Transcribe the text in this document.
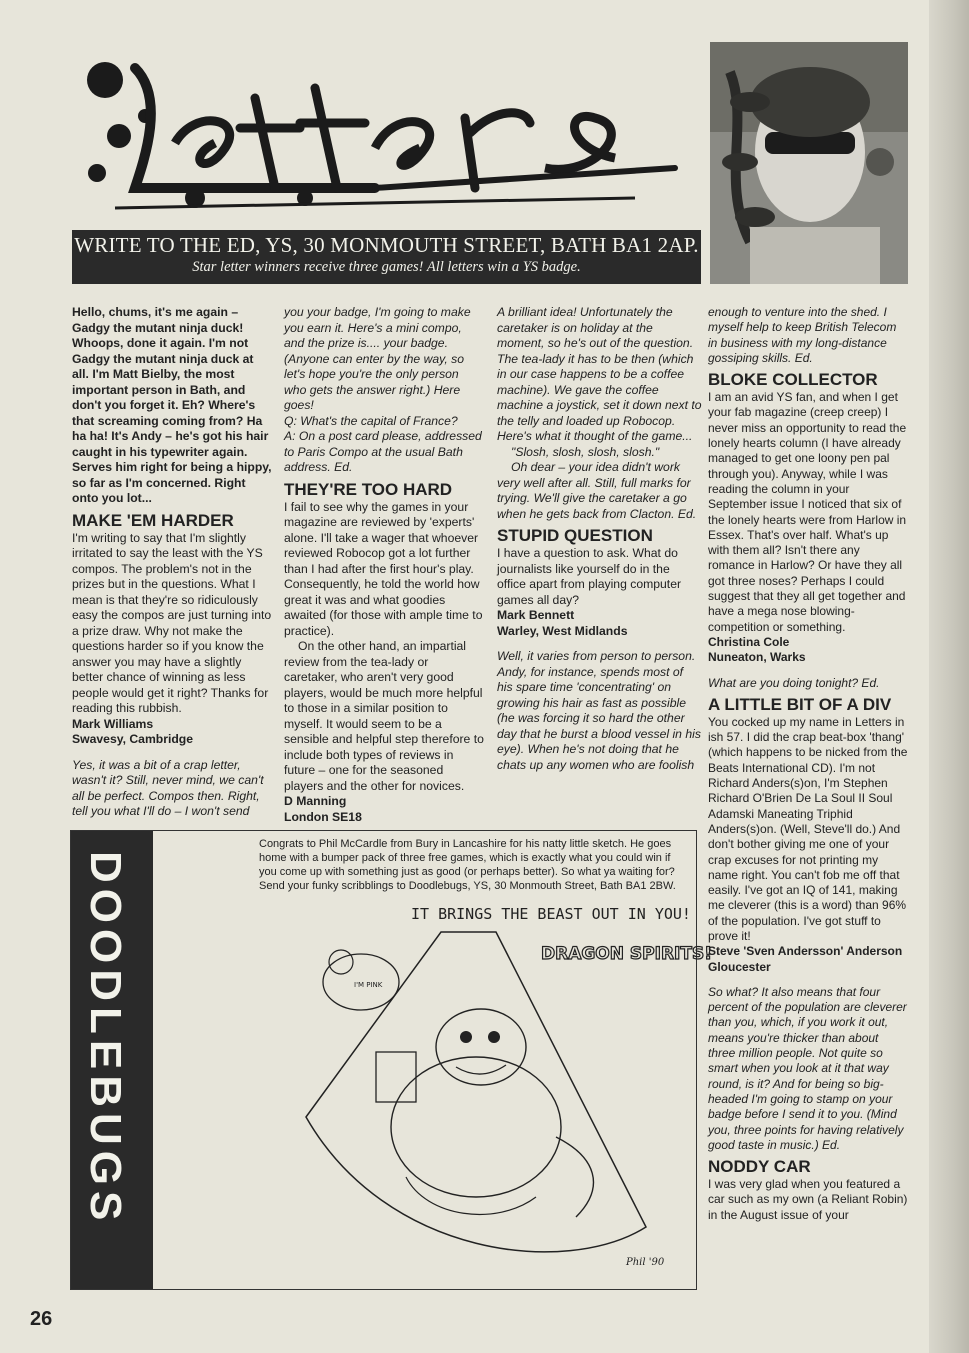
WRITE TO THE ED, YS, 30 MONMOUTH STREET, BATH BA1 2AP.
Star letter winners receive three games! All letters win a YS badge.

Hello, chums, it's me again – Gadgy the mutant ninja duck! Whoops, done it again. I'm not Gadgy the mutant ninja duck at all. I'm Matt Bielby, the most important person in Bath, and don't you forget it. Eh? Where's that screaming coming from? Ha ha ha! It's Andy – he's got his hair caught in his typewriter again. Serves him right for being a hippy, so far as I'm concerned. Right onto you lot...

MAKE 'EM HARDER

I'm writing to say that I'm slightly irritated to say the least with the YS compos. The problem's not in the prizes but in the questions. What I mean is that they're so ridiculously easy the compos are just turning into a prize draw. Why not make the questions harder so if you know the answer you may have a slightly better chance of winning as less people would get it right? Thanks for reading this rubbish.

Mark Williams

Swavesy, Cambridge

Yes, it was a bit of a crap letter, wasn't it? Still, never mind, we can't all be perfect. Compos then. Right, tell you what I'll do – I won't send

you your badge, I'm going to make you earn it. Here's a mini compo, and the prize is.... your badge. (Anyone can enter by the way, so let's hope you're the only person who gets the answer right.) Here goes!

Q: What's the capital of France?

A: On a post card please, addressed to Paris Compo at the usual Bath address. Ed.

THEY'RE TOO HARD

I fail to see why the games in your magazine are reviewed by 'experts' alone. I'll take a wager that whoever reviewed Robocop got a lot further than I had after the first hour's play. Consequently, he told the world how great it was and what goodies awaited (for those with ample time to practice).

On the other hand, an impartial review from the tea-lady or caretaker, who aren't very good players, would be much more helpful to those in a similar position to myself. It would seem to be a sensible and helpful step therefore to include both types of reviews in future – one for the seasoned players and the other for novices.

D Manning

London SE18

A brilliant idea! Unfortunately the caretaker is on holiday at the moment, so he's out of the question. The tea-lady it has to be then (which in our case happens to be a coffee machine). We gave the coffee machine a joystick, set it down next to the telly and loaded up Robocop. Here's what it thought of the game...

"Slosh, slosh, slosh, slosh."

Oh dear – your idea didn't work very well after all. Still, full marks for trying. We'll give the caretaker a go when he gets back from Clacton. Ed.

STUPID QUESTION

I have a question to ask. What do journalists like yourself do in the office apart from playing computer games all day?

Mark Bennett

Warley, West Midlands

Well, it varies from person to person. Andy, for instance, spends most of his spare time 'concentrating' on growing his hair as fast as possible (he was forcing it so hard the other day that he burst a blood vessel in his eye). When he's not doing that he chats up any women who are foolish

enough to venture into the shed. I myself help to keep British Telecom in business with my long-distance gossiping skills. Ed.

BLOKE COLLECTOR

I am an avid YS fan, and when I get your fab magazine (creep creep) I never miss an opportunity to read the lonely hearts column (I have already managed to get one loony pen pal through you). Anyway, while I was reading the column in your September issue I noticed that six of the lonely hearts were from Harlow in Essex. That's over half. What's up with them all? Isn't there any romance in Harlow? Or have they all got three noses? Perhaps I could suggest that they all get together and have a mega nose blowing-competition or something.

Christina Cole

Nuneaton, Warks

What are you doing tonight? Ed.

A LITTLE BIT OF A DIV

You cocked up my name in Letters in ish 57. I did the crap beat-box 'thang' (which happens to be nicked from the Beats International CD). I'm not Richard Anders(s)on, I'm Stephen Richard O'Brien De La Soul II Soul Adamski Maneating Triphid Anders(s)on. (Well, Steve'll do.) And don't bother giving me one of your crap excuses for not printing my name right. You can't fob me off that easily. I've got an IQ of 141, making me cleverer (this is a word) than 96% of the population. I've got stuff to prove it!

Steve 'Sven Andersson' Anderson

Gloucester

So what? It also means that four percent of the population are cleverer than you, which, if you work it out, means you're thicker than about three million people. Not quite so smart when you look at it that way round, is it? And for being so big-headed I'm going to stamp on your badge before I send it to you. (Mind you, three points for having relatively good taste in music.) Ed.

NODDY CAR

I was very glad when you featured a car such as my own (a Reliant Robin) in the August issue of your

DOODLEBUGS
Congrats to Phil McCardle from Bury in Lancashire for his natty little sketch. He goes home with a bumper pack of three free games, which is exactly what you could win if you come up with something just as good (or perhaps better). So what ya waiting for? Send your funky scribblings to Doodlebugs, YS, 30 Monmouth Street, Bath BA1 2BW.
IT BRINGS THE BEAST OUT IN YOU!
DRAGON SPIRITS!
I'M PINK
Phil '90
26
